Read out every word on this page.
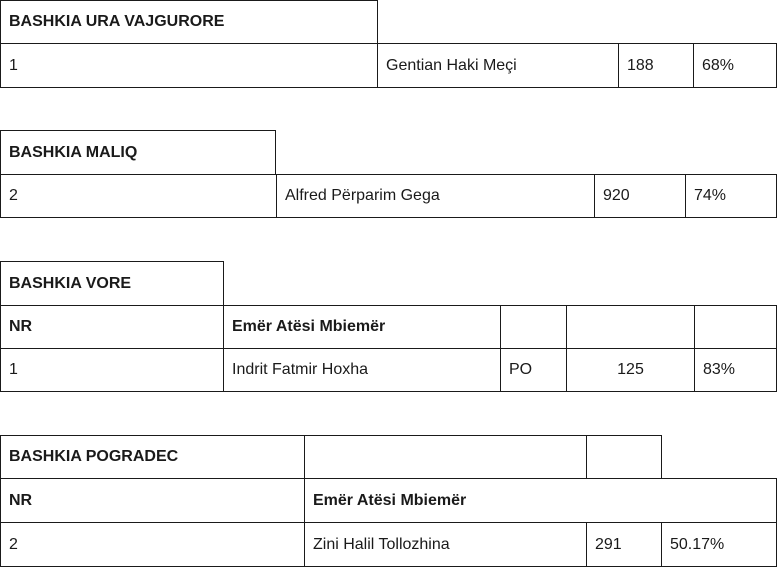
BASHKIA URA VAJGURORE
1	Gentian Haki Meçi	188	68%
BASHKIA MALIQ
2	Alfred Përparim Gega	920	74%
BASHKIA VORE
NR	Emër Atësi Mbiemër
1	Indrit Fatmir Hoxha	PO	125	83%
BASHKIA POGRADEC
NR	Emër Atësi Mbiemër
2	Zini Halil Tollozhina	291	50.17%
